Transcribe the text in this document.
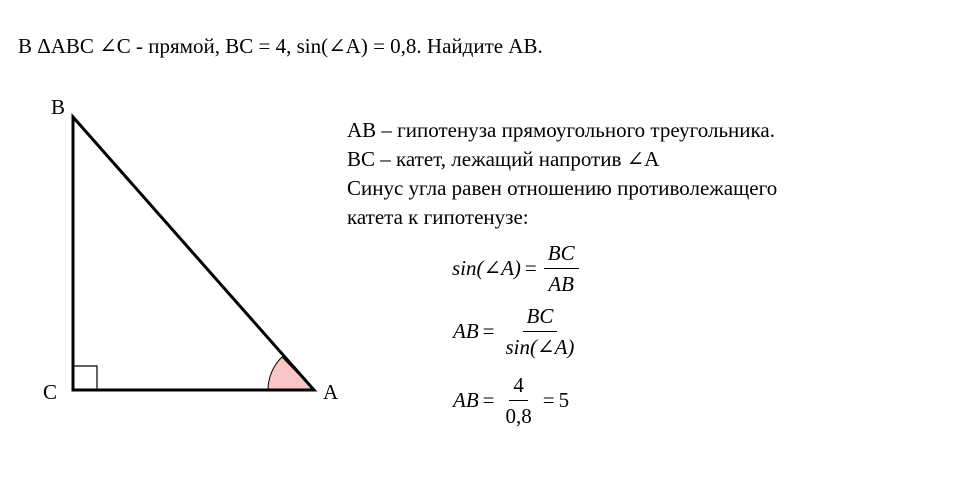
В ΔABC ∠C - прямой, BC = 4, sin(∠A) = 0,8. Найдите AB.
B
C	A
AB – гипотенуза прямоугольного треугольника.
BC – катет, лежащий напротив ∠A
Синус угла равен отношению противолежащего
катета к гипотенузе:
sin(∠A) = $\frac{BC}{AB}$
AB = $\frac{BC}{\sin(\angle A)}$
AB = $\frac{4}{0,8} = 5$
